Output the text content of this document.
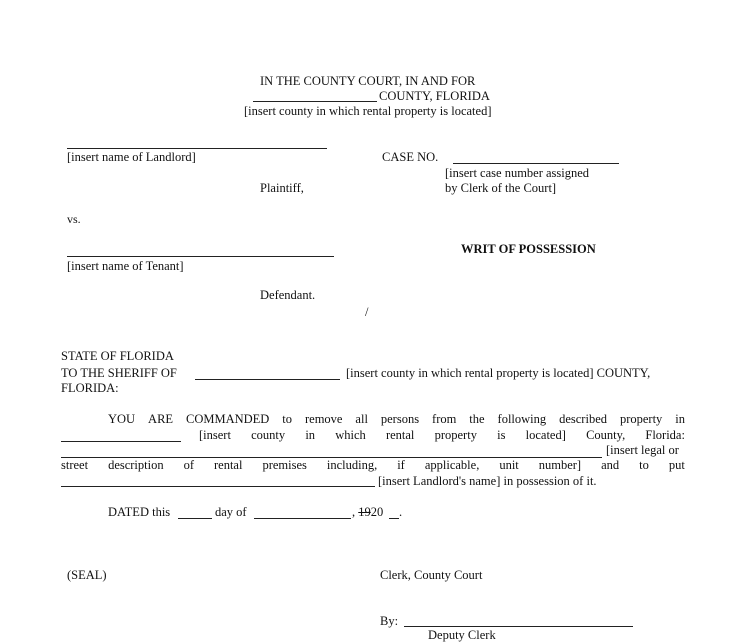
IN THE COUNTY COURT, IN AND FOR
COUNTY, FLORIDA
[insert county in which rental property is located]
[insert name of Landlord]
Plaintiff,
CASE NO.
[insert case number assigned
by Clerk of the Court]
vs.
[insert name of Tenant]
Defendant.
/
WRIT OF POSSESSION
STATE OF FLORIDA
TO THE SHERIFF OF	[insert county in which rental property is located] COUNTY,
FLORIDA:
YOU ARE COMMANDED to remove all persons from the following described property in
[insert county in which rental property is located] County, Florida:
[insert legal or
street description of rental premises including, if applicable, unit number] and to put
[insert Landlord's name] in possession of it.
DATED this	day of	, 1920 .
(SEAL)	Clerk, County Court
By:
Deputy Clerk
